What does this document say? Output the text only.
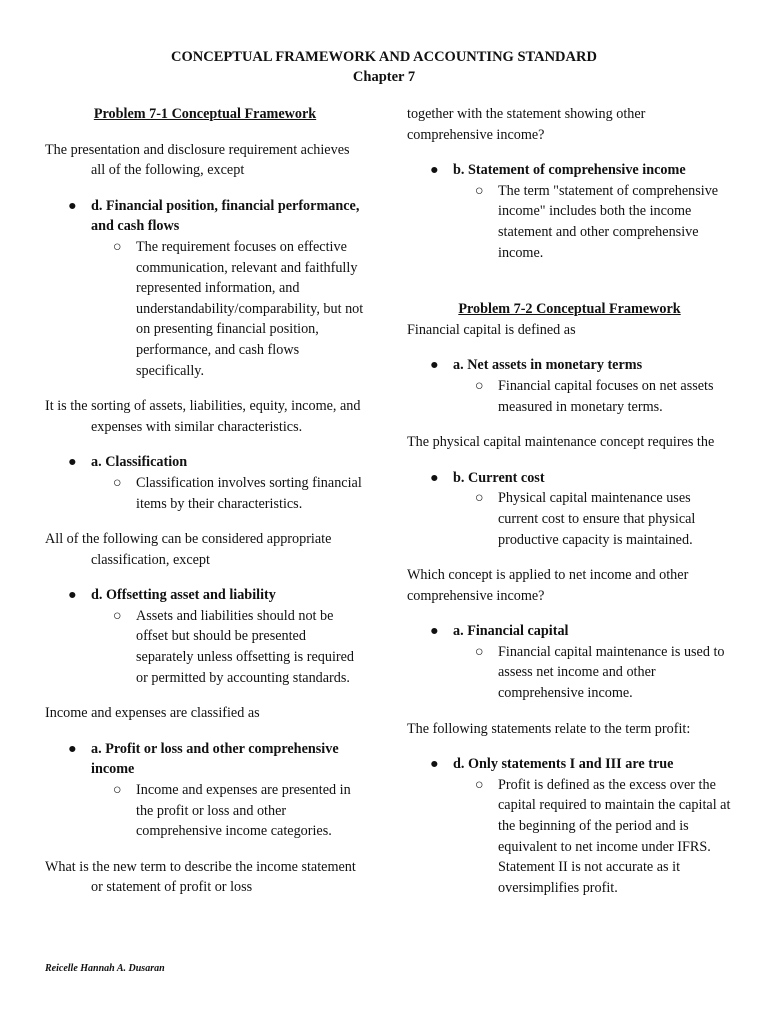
CONCEPTUAL FRAMEWORK AND ACCOUNTING STANDARD
Chapter 7
Problem 7-1 Conceptual Framework
The presentation and disclosure requirement achieves all of the following, except
● d. Financial position, financial performance, and cash flows
○ The requirement focuses on effective communication, relevant and faithfully represented information, and understandability/comparability, but not on presenting financial position, performance, and cash flows specifically.
It is the sorting of assets, liabilities, equity, income, and expenses with similar characteristics.
● a. Classification
○ Classification involves sorting financial items by their characteristics.
All of the following can be considered appropriate classification, except
● d. Offsetting asset and liability
○ Assets and liabilities should not be offset but should be presented separately unless offsetting is required or permitted by accounting standards.
Income and expenses are classified as
● a. Profit or loss and other comprehensive income
○ Income and expenses are presented in the profit or loss and other comprehensive income categories.
What is the new term to describe the income statement or statement of profit or loss
together with the statement showing other comprehensive income?
● b. Statement of comprehensive income
○ The term "statement of comprehensive income" includes both the income statement and other comprehensive income.
Problem 7-2 Conceptual Framework
Financial capital is defined as
● a. Net assets in monetary terms
○ Financial capital focuses on net assets measured in monetary terms.
The physical capital maintenance concept requires the
● b. Current cost
○ Physical capital maintenance uses current cost to ensure that physical productive capacity is maintained.
Which concept is applied to net income and other comprehensive income?
● a. Financial capital
○ Financial capital maintenance is used to assess net income and other comprehensive income.
The following statements relate to the term profit:
● d. Only statements I and III are true
○ Profit is defined as the excess over the capital required to maintain the capital at the beginning of the period and is equivalent to net income under IFRS. Statement II is not accurate as it oversimplifies profit.
Reicelle Hannah A. Dusaran
